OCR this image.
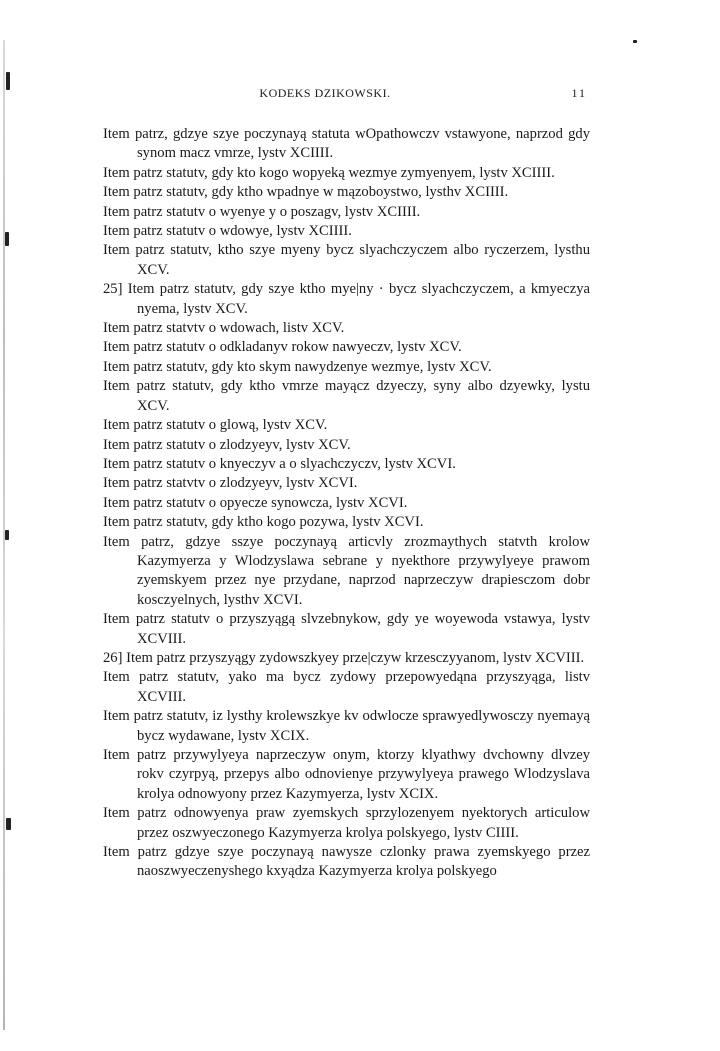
KODEKS DZIKOWSKI.	11

Item patrz, gdzye szye poczynayą statuta wOpathowczv vstawyone, naprzod gdy synom macz vmrze, lystv XCIIII.

Item patrz statutv, gdy kto kogo wopyeką wezmye zymyenyem, lystv XCIIII.

Item patrz statutv, gdy ktho wpadnye w mązoboystwo, lysthv XCIIII.

Item patrz statutv o wyenye y o poszagv, lystv XCIIII.

Item patrz statutv o wdowye, lystv XCIIII.

Item patrz statutv, ktho szye myeny bycz slyachczyczem albo ryczerzem, lysthu XCV.

25] Item patrz statutv, gdy szye ktho mye|ny · bycz slyachczyczem, a kmyeczya nyema, lystv XCV.

Item patrz statvtv o wdowach, listv XCV.

Item patrz statutv o odkladanyv rokow nawyeczv, lystv XCV.

Item patrz statutv, gdy kto skym nawydzenye wezmye, lystv XCV.

Item patrz statutv, gdy ktho vmrze mayącz dzyeczy, syny albo dzyewky, lystu XCV.

Item patrz statutv o glową, lystv XCV.

Item patrz statutv o zlodzyeyv, lystv XCV.

Item patrz statutv o knyeczyv a o slyachczyczv, lystv XCVI.

Item patrz statvtv o zlodzyeyv, lystv XCVI.

Item patrz statutv o opyecze synowcza, lystv XCVI.

Item patrz statutv, gdy ktho kogo pozywa, lystv XCVI.

Item patrz, gdzye sszye poczynayą articvly zrozmaythych statvth krolow Kazymyerza y Wlodzyslawa sebrane y nyekthore przywylyeye prawom zyemskyem przez nye przydane, naprzod naprzeczyw drapiesczom dobr kosczyelnych, lysthv XCVI.

Item patrz statutv o przyszyągą slvzebnykow, gdy ye woyewoda vstawya, lystv XCVIII.

26] Item patrz przyszyągy zydowszkyey prze|czyw krzesczyyanom, lystv XCVIII.

Item patrz statutv, yako ma bycz zydowy przepowyedąna przyszyąga, listv XCVIII.

Item patrz statutv, iz lysthy krolewszkye kv odwlocze sprawyedlywosczy nyemayą bycz wydawane, lystv XCIX.

Item patrz przywylyeya naprzeczyw onym, ktorzy klyathwy dvchowny dlvzey rokv czyrpyą, przepys albo odnovienye przywylyeya prawego Wlodzyslava krolya odnowyony przez Kazymyerza, lystv XCIX.

Item patrz odnowyenya praw zyemskych sprzylozenyem nyektorych articulow przez oszwyeczonego Kazymyerza krolya polskyego, lystv CIIII.

Item patrz gdzye szye poczynayą nawysze czlonky prawa zyemskyego przez naoszwyeczenyshego kxyądza Kazymyerza krolya polskyego
